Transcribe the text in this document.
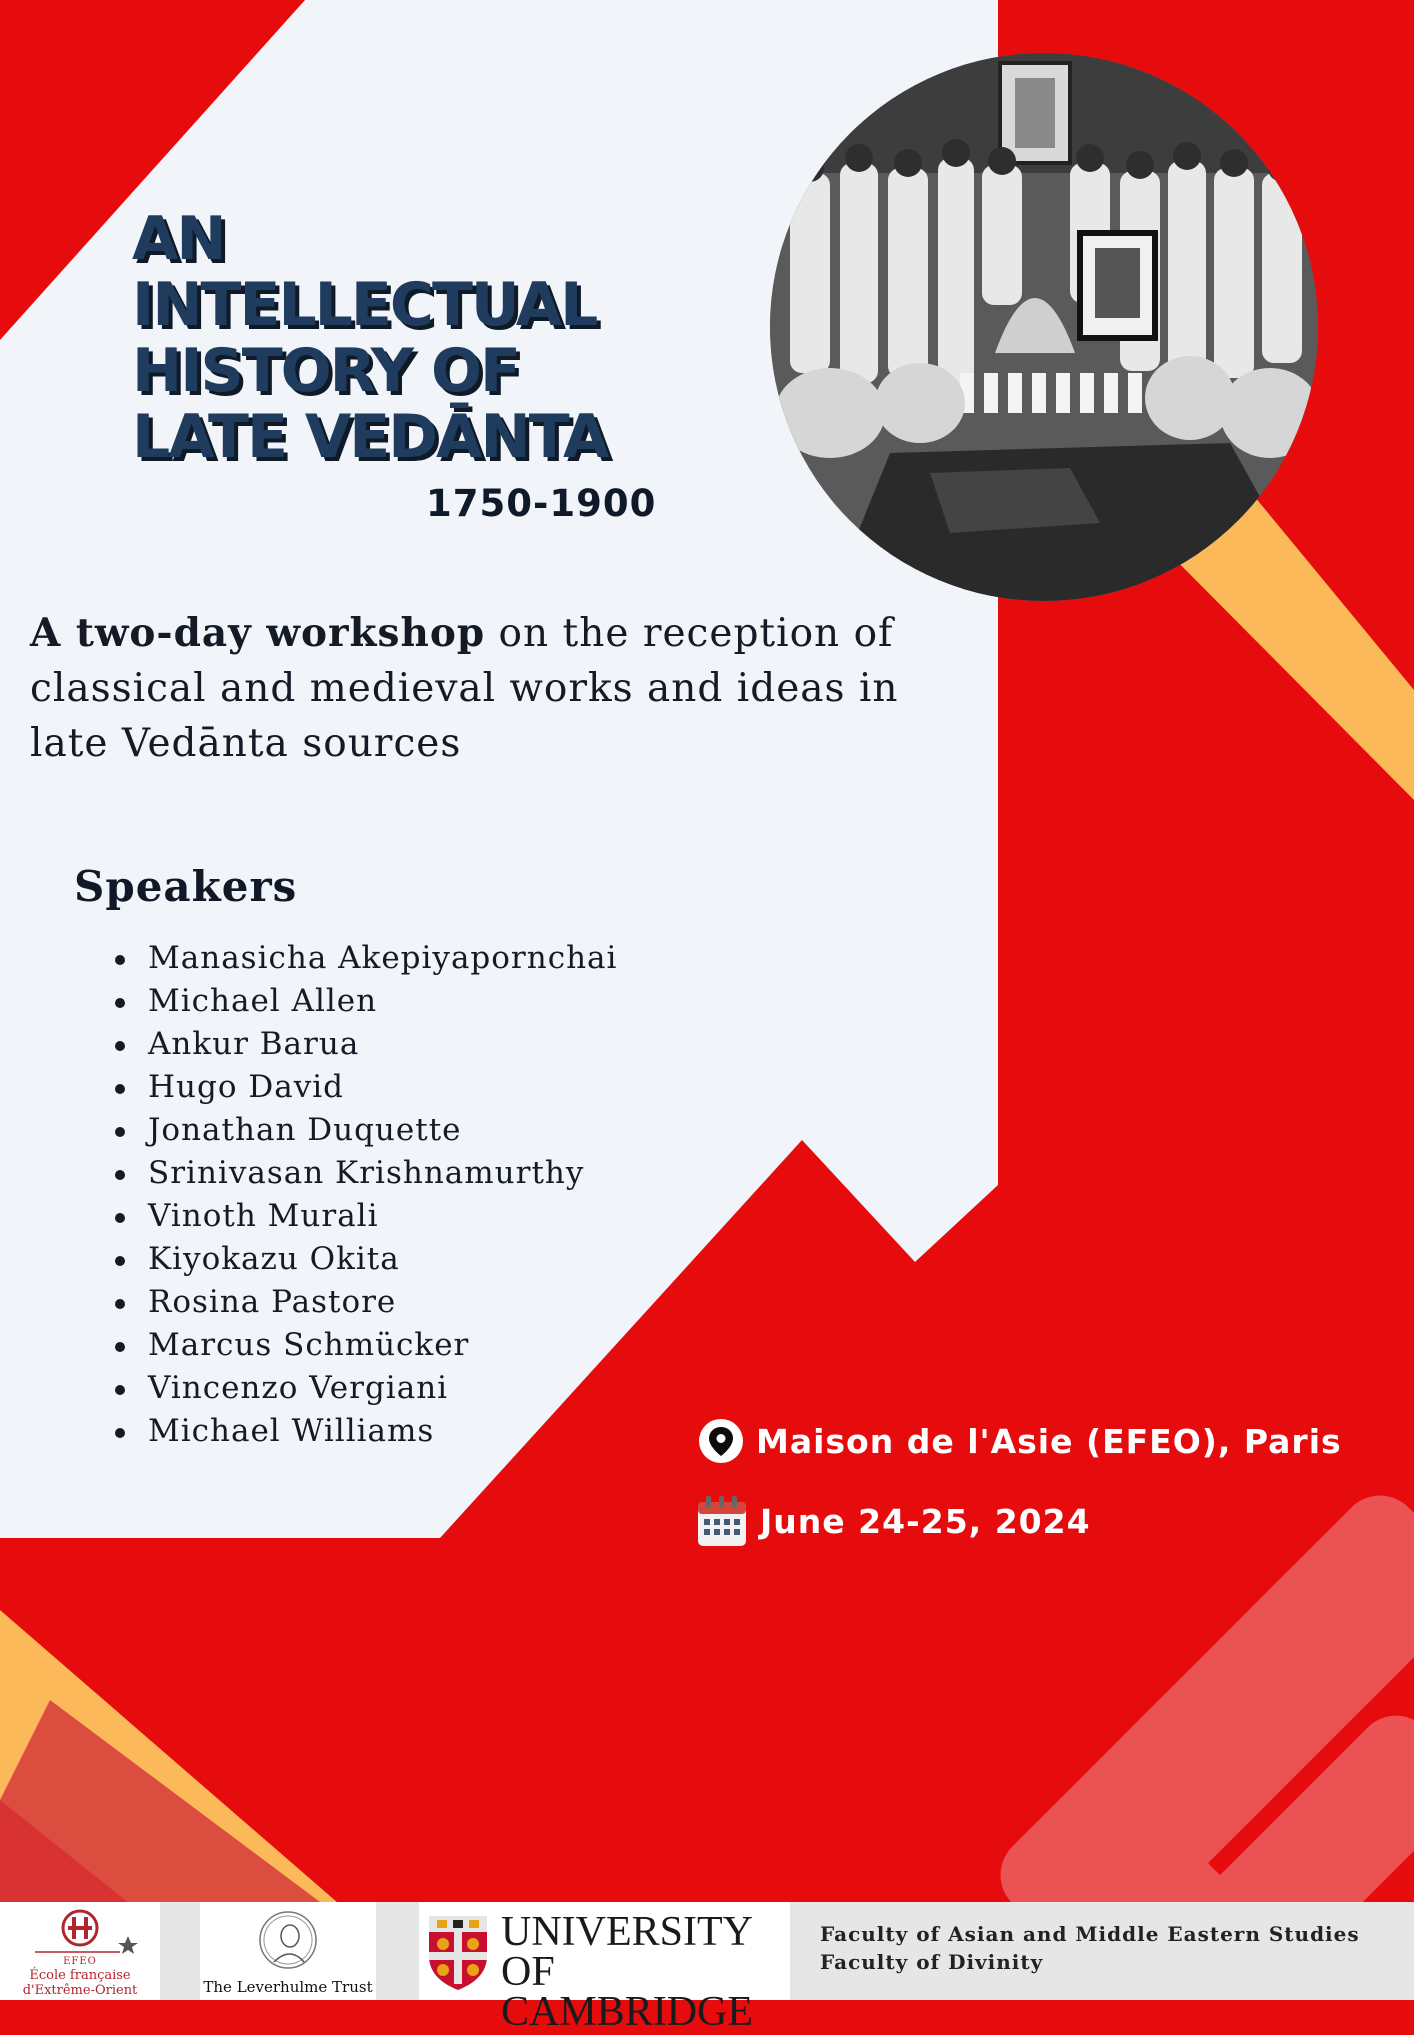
AN
INTELLECTUAL
HISTORY OF
LATE VEDĀNTA
1750-1900

A two-day workshop on the reception of classical and medieval works and ideas in late Vedānta sources

Speakers
Manasicha Akepiyapornchai
Michael Allen
Ankur Barua
Hugo David
Jonathan Duquette
Srinivasan Krishnamurthy
Vinoth Murali
Kiyokazu Okita
Rosina Pastore
Marcus Schmücker
Vincenzo Vergiani
Michael Williams	Maison de l'Asie (EFEO), Paris
June 24-25, 2024
EFEO
École française
d'Extrême-Orient	The Leverhulme Trust
UNIVERSITY OF
CAMBRIDGE
Faculty of Asian and Middle Eastern Studies
Faculty of Divinity
